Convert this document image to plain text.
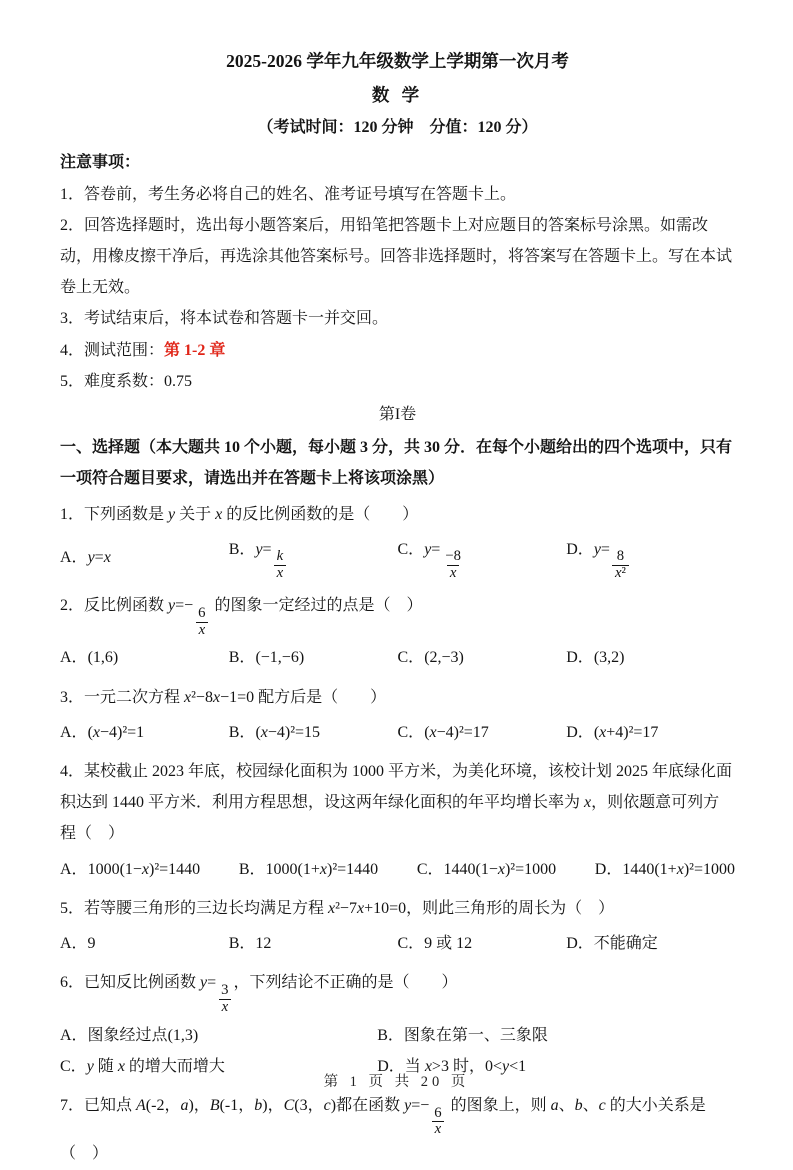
2025-2026 学年九年级数学上学期第一次月考

数 学

（考试时间：120 分钟　分值：120 分）

注意事项：

1．答卷前，考生务必将自己的姓名、准考证号填写在答题卡上。

2．回答选择题时，选出每小题答案后，用铅笔把答题卡上对应题目的答案标号涂黑。如需改动，用橡皮擦干净后，再选涂其他答案标号。回答非选择题时，将答案写在答题卡上。写在本试卷上无效。

3．考试结束后，将本试卷和答题卡一并交回。

4．测试范围：第 1-2 章

5．难度系数：0.75

第I卷

一、选择题（本大题共 10 个小题，每小题 3 分，共 30 分．在每个小题给出的四个选项中，只有一项符合题目要求，请选出并在答题卡上将该项涂黑）

1．下列函数是 y 关于 x 的反比例函数的是（　　）

A．y=x
B．y=
$\frac{k}{x}$
C．y=
$\frac{-8}{x}$
D．y=
$\frac{8}{\text{x²}}$

2．反比例函数 y=−
$\frac{6}{x}$
的图象一定经过的点是（　）

A．(1,6)	B．(−1,−6)	C．(2,−3)	D．(3,2)

3．一元二次方程 x²−8x−1=0 配方后是（　　）

A．(x−4)²=1	B．(x−4)²=15	C．(x−4)²=17	D．(x+4)²=17

4．某校截止 2023 年底，校园绿化面积为 1000 平方米，为美化环境，该校计划 2025 年底绿化面积达到 1440 平方米．利用方程思想，设这两年绿化面积的年平均增长率为 x，则依题意可列方程（　）

A．1000(1−x)²=1440 B．1000(1+x)²=1440 C．1440(1−x)²=1000 D．1440(1+x)²=1000

5．若等腰三角形的三边长均满足方程 x²−7x+10=0，则此三角形的周长为（　）

A．9	B．12	C．9 或 12	D．不能确定

6．已知反比例函数 y=
$\frac{3}{x}$
，下列结论不正确的是（　　）

A．图象经过点(1,3)	B．图象在第一、三象限
C．y 随 x 的增大而增大	D．当 x>3 时，0<y<1

7．已知点 A(-2，a)，B(-1，b)，C(3，c)都在函数 y=−
$\frac{6}{x}$
的图象上，则 a、b、c 的大小关系是（　）

第 1 页 共 20 页
